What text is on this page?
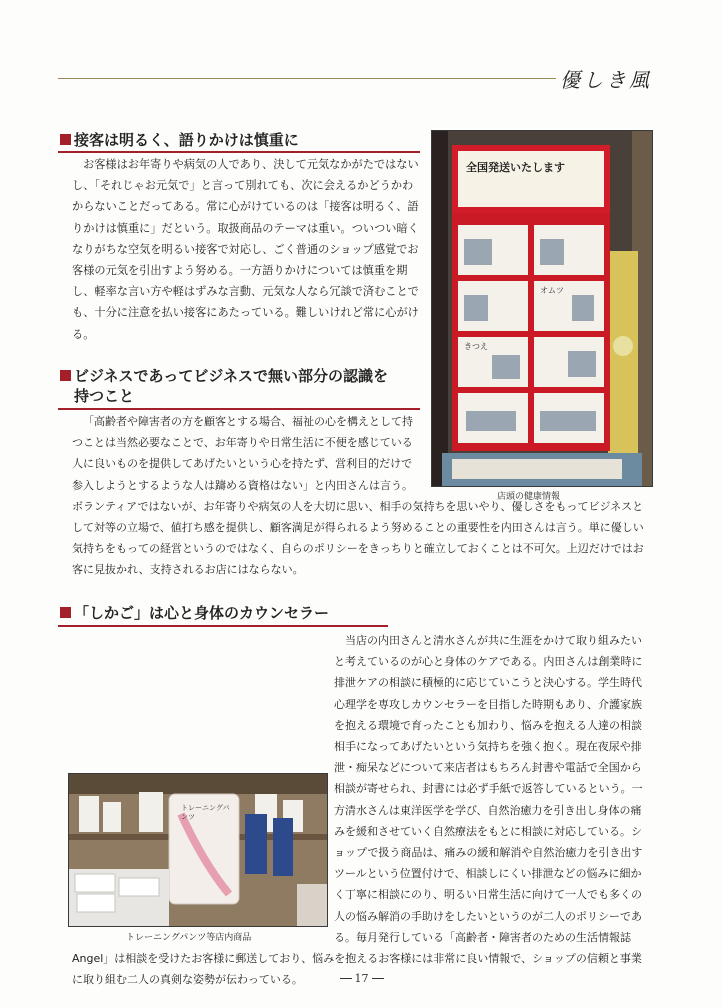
優しき風
接客は明るく、語りかけは慎重に
お客様はお年寄りや病気の人であり、決して元気なかがたではないし、「それじゃお元気で」と言って別れても、次に会えるかどうかわからないことだってある。常に心がけているのは「接客は明るく、語りかけは慎重に」だという。取扱商品のテーマは重い。ついつい暗くなりがちな空気を明るい接客で対応し、ごく普通のショップ感覚でお客様の元気を引出すよう努める。一方語りかけについては慎重を期し、軽率な言い方や軽はずみな言動、元気な人なら冗談で済むことでも、十分に注意を払い接客にあたっている。難しいけれど常に心がける。
ビジネスであってビジネスで無い部分の認識を
持つこと
「高齢者や障害者の方を顧客とする場合、福祉の心を構えとして持つことは当然必要なことで、お年寄りや日常生活に不便を感じている人に良いものを提供してあげたいという心を持たず、営利目的だけで参入しようとするような人は躊める資格はない」と内田さんは言う。ボランティアではないが、お年寄りや病気の人を大切に思い、相手の気持ちを思いやり、優しさをもってビジネスとして対等の立場で、値打ち感を提供し、顧客満足が得られるよう努めることの重要性を内田さんは言う。単に優しい気持ちをもっての経営というのではなく、自らのポリシーをきっちりと確立しておくことは不可欠。上辺だけではお客に見抜かれ、支持されるお店にはならない。
「しかご」は心と身体のカウンセラー
当店の内田さんと清水さんが共に生涯をかけて取り組みたいと考えているのが心と身体のケアである。内田さんは創業時に排泄ケアの相談に積極的に応じていこうと決心する。学生時代心理学を専攻しカウンセラーを目指した時期もあり、介護家族を抱える環境で育ったことも加わり、悩みを抱える人達の相談相手になってあげたいという気持ちを強く抱く。現在夜尿や排泄・痴呆などについて来店者はもちろん封書や電話で全国から相談が寄せられ、封書には必ず手紙で返答しているという。一方清水さんは東洋医学を学び、自然治癒力を引き出し身体の痛みを緩和させていく自然療法をもとに相談に対応している。ショップで扱う商品は、痛みの緩和解消や自然治癒力を引き出すツールという位置付けで、相談しにくい排泄などの悩みに細かく丁寧に相談にのり、明るい日常生活に向けて一人でも多くの人の悩み解消の手助けをしたいというのが二人のポリシーである。毎月発行している「高齢者・障害者のための生活情報誌Angel」は相談を受けたお客様に郵送しており、悩みを抱えるお客様には非常に良い情報で、ショップの信頼と事業に取り組む二人の真剣な姿勢が伝わっている。
全国発送いたします
きつえ
オムツ
店頭の健康情報
トレーニングパンツ
トレーニングパンツ等店内商品
17
